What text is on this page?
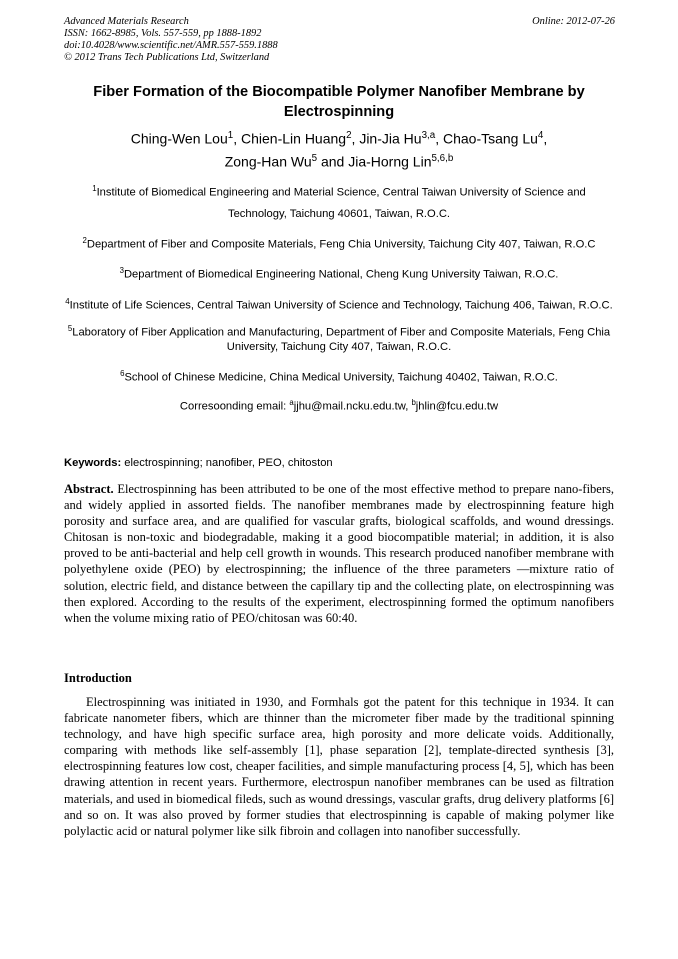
Advanced Materials Research
ISSN: 1662-8985, Vols. 557-559, pp 1888-1892
doi:10.4028/www.scientific.net/AMR.557-559.1888
© 2012 Trans Tech Publications Ltd, Switzerland
Online: 2012-07-26
Fiber Formation of the Biocompatible Polymer Nanofiber Membrane by Electrospinning
Ching-Wen Lou$^1$, Chien-Lin Huang$^2$, Jin-Jia Hu$^{3,a}$, Chao-Tsang Lu$^4$,
Zong-Han Wu$^5$ and Jia-Horng Lin$^{5,6,b}$
$^1$Institute of Biomedical Engineering and Material Science, Central Taiwan University of Science and Technology, Taichung 40601, Taiwan, R.O.C.
$^2$Department of Fiber and Composite Materials, Feng Chia University, Taichung City 407, Taiwan, R.O.C
$^3$Department of Biomedical Engineering National, Cheng Kung University Taiwan, R.O.C.
$^4$Institute of Life Sciences, Central Taiwan University of Science and Technology, Taichung 406, Taiwan, R.O.C.
$^5$Laboratory of Fiber Application and Manufacturing, Department of Fiber and Composite Materials, Feng Chia University, Taichung City 407, Taiwan, R.O.C.
$^6$School of Chinese Medicine, China Medical University, Taichung 40402, Taiwan, R.O.C.
Corresoonding email: $^a$jjhu@mail.ncku.edu.tw, $^b$jhlin@fcu.edu.tw
Keywords: electrospinning; nanofiber, PEO, chitoston
Abstract. Electrospinning has been attributed to be one of the most effective method to prepare nano-fibers, and widely applied in assorted fields. The nanofiber membranes made by electrospinning feature high porosity and surface area, and are qualified for vascular grafts, biological scaffolds, and wound dressings. Chitosan is non-toxic and biodegradable, making it a good biocompatible material; in addition, it is also proved to be anti-bacterial and help cell growth in wounds. This research produced nanofiber membrane with polyethylene oxide (PEO) by electrospinning; the influence of the three parameters —mixture ratio of solution, electric field, and distance between the capillary tip and the collecting plate, on electrospinning was then explored. According to the results of the experiment, electrospinning formed the optimum nanofibers when the volume mixing ratio of PEO/chitosan was 60:40.
Introduction
Electrospinning was initiated in 1930, and Formhals got the patent for this technique in 1934. It can fabricate nanometer fibers, which are thinner than the micrometer fiber made by the traditional spinning technology, and have high specific surface area, high porosity and more delicate voids. Additionally, comparing with methods like self-assembly [1], phase separation [2], template-directed synthesis [3], electrospinning features low cost, cheaper facilities, and simple manufacturing process [4, 5], which has been drawing attention in recent years. Furthermore, electrospun nanofiber membranes can be used as filtration materials, and used in biomedical fileds, such as wound dressings, vascular grafts, drug delivery platforms [6] and so on. It was also proved by former studies that electrospinning is capable of making polymer like polylactic acid or natural polymer like silk fibroin and collagen into nanofiber successfully.
